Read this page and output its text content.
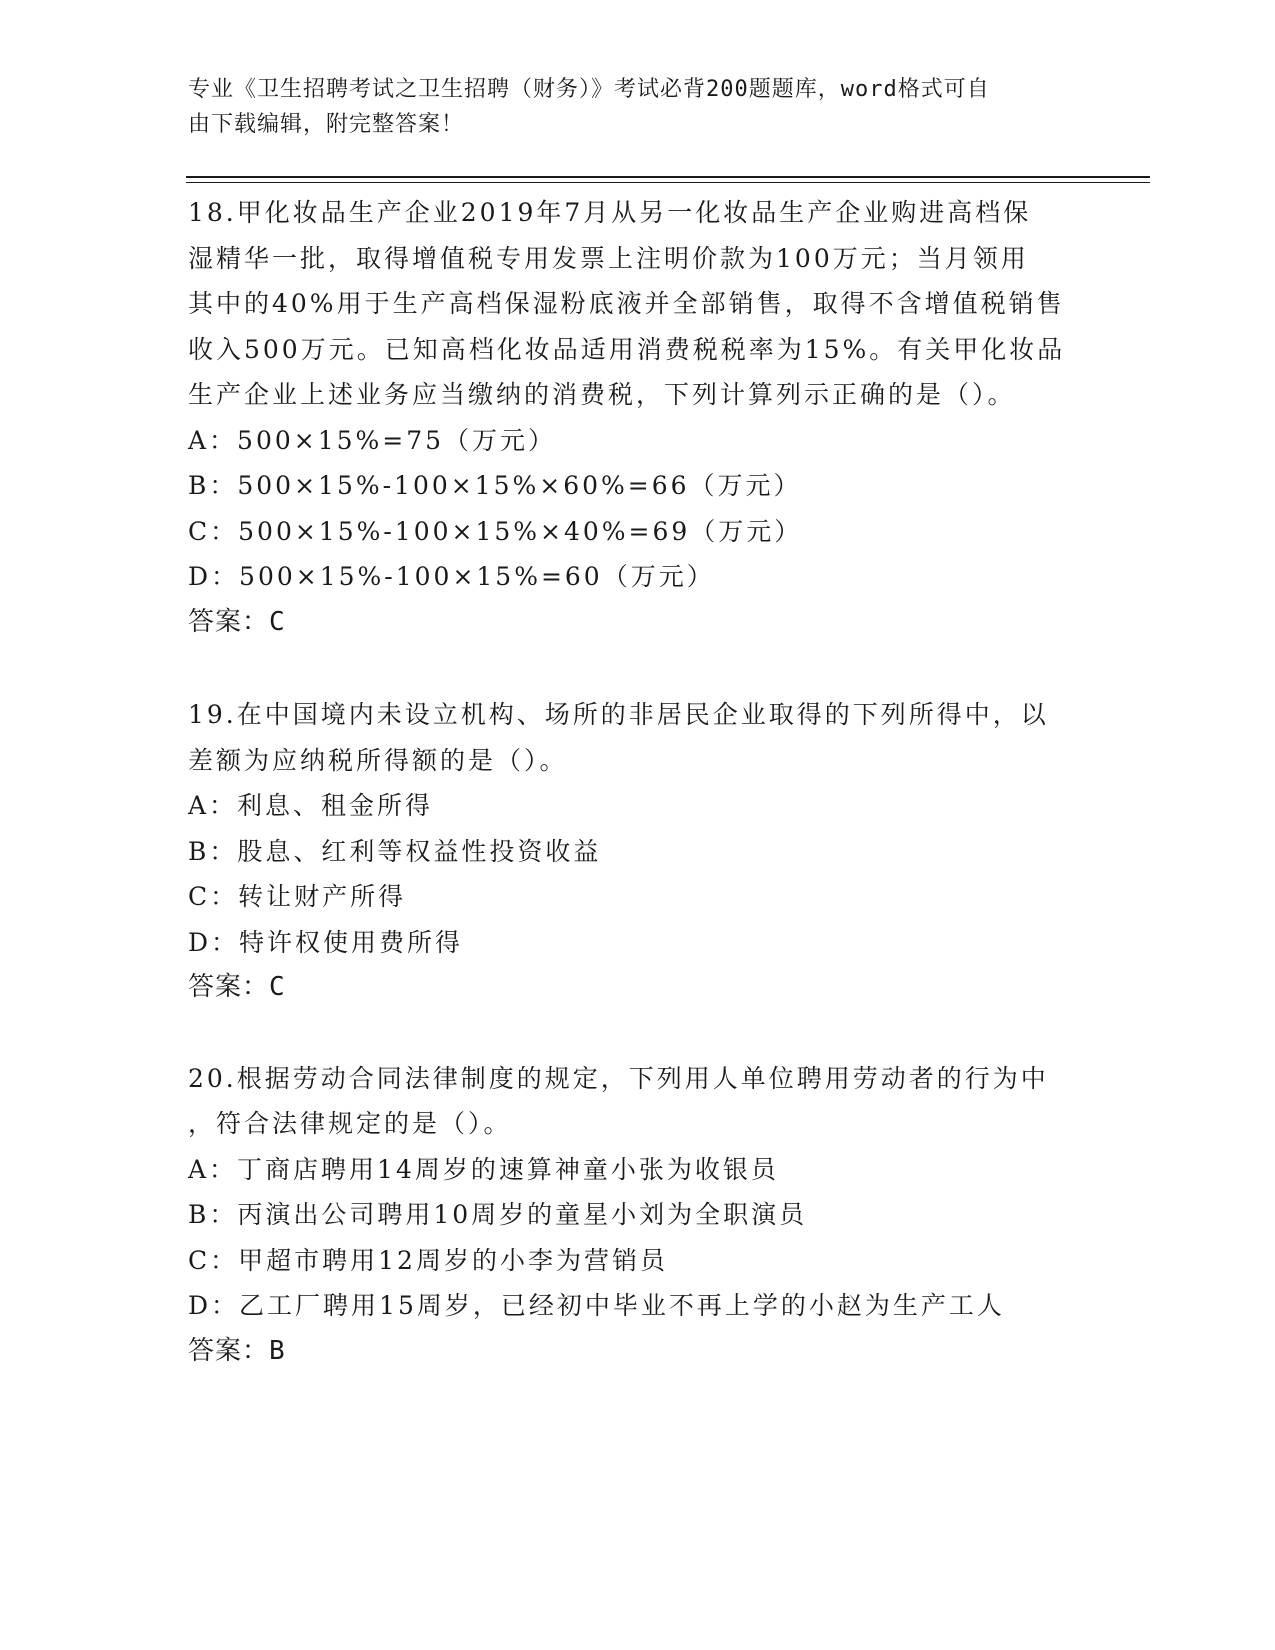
专业《卫生招聘考试之卫生招聘（财务）》考试必背200题题库，word格式可自
由下载编辑，附完整答案！

18.甲化妆品生产企业2019年7月从另一化妆品生产企业购进高档保

湿精华一批，取得增值税专用发票上注明价款为100万元；当月领用

其中的40%用于生产高档保湿粉底液并全部销售，取得不含增值税销售

收入500万元。已知高档化妆品适用消费税税率为15%。有关甲化妆品

生产企业上述业务应当缴纳的消费税，下列计算列示正确的是（）。

A：500×15%=75（万元）

B：500×15%-100×15%×60%=66（万元）

C：500×15%-100×15%×40%=69（万元）

D：500×15%-100×15%=60（万元）

答案：C

19.在中国境内未设立机构、场所的非居民企业取得的下列所得中，以

差额为应纳税所得额的是（）。

A：利息、租金所得

B：股息、红利等权益性投资收益

C：转让财产所得

D：特许权使用费所得

答案：C

20.根据劳动合同法律制度的规定，下列用人单位聘用劳动者的行为中

，符合法律规定的是（）。

A：丁商店聘用14周岁的速算神童小张为收银员

B：丙演出公司聘用10周岁的童星小刘为全职演员

C：甲超市聘用12周岁的小李为营销员

D：乙工厂聘用15周岁，已经初中毕业不再上学的小赵为生产工人

答案：B
